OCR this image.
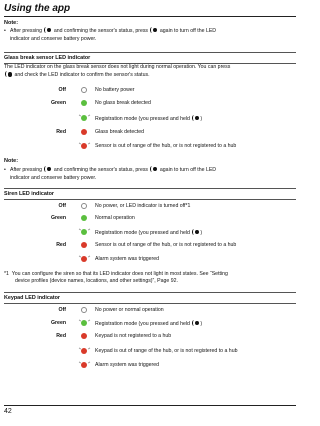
Using the app
Note:
• After pressing
and confirming the sensor's status, press
again to turn off the LED
indicator and conserve battery power.
Glass break sensor LED indicator
The LED indicator on the glass break sensor does not light during normal operation. You can press

and check the LED indicator to confirm the sensor's status.
Off	No battery power
Green	No glass break detected
Registration mode (you pressed and held
)
Red	Glass break detected
Sensor is out of range of the hub, or is not registered to a hub
Note:
• After pressing
and confirming the sensor's status, press
again to turn off the LED
indicator and conserve battery power.
Siren LED indicator
Off	No power, or LED indicator is turned off*1
Green	Normal operation
Registration mode (you pressed and held
)
Red	Sensor is out of range of the hub, or is not registered to a hub
Alarm system was triggered
*1 You can configure the siren so that its LED indicator does not light in most states. See “Setting
device profiles (device names, locations, and other settings)”, Page 92.
Keypad LED indicator
Off	No power or normal operation
Green	Registration mode (you pressed and held
)
Red	Keypad is not registered to a hub
Keypad is out of range of the hub, or is not registered to a hub
Alarm system was triggered
42
